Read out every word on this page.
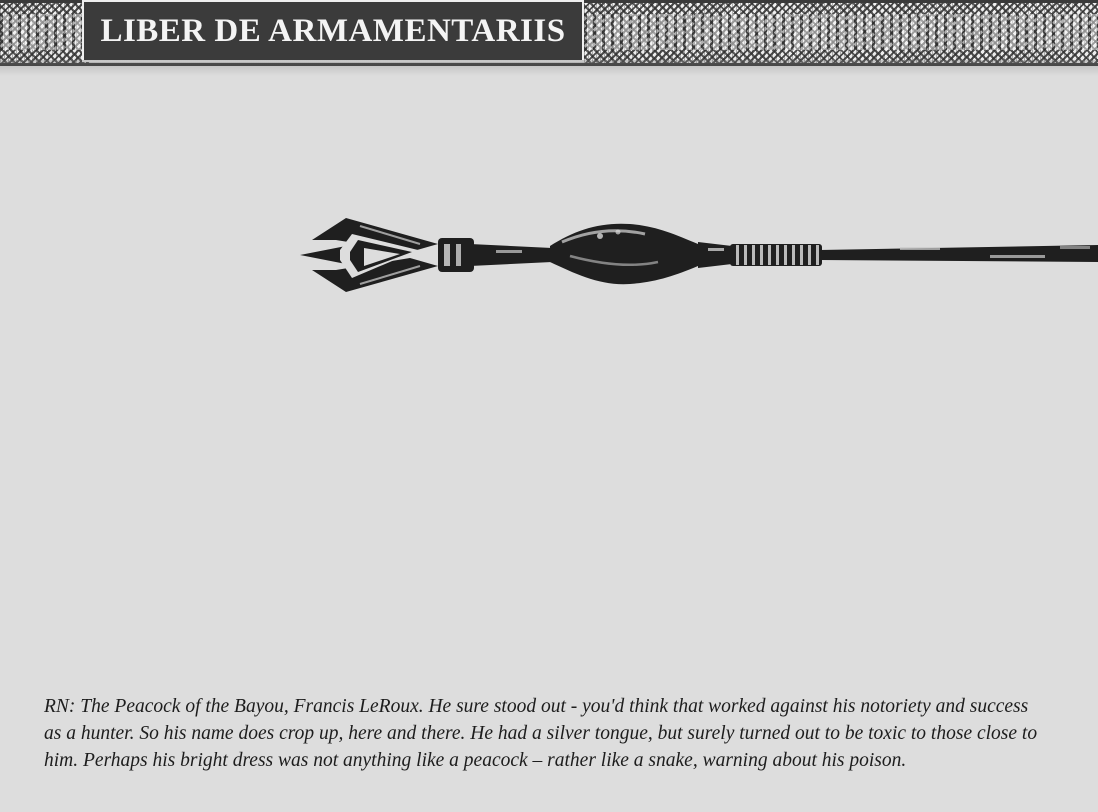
LIBER DE ARMAMENTARIIS
RN: The Peacock of the Bayou, Francis LeRoux. He sure stood out - you'd think that worked against his notoriety and success as a hunter. So his name does crop up, here and there. He had a silver tongue, but surely turned out to be toxic to those close to him. Perhaps his bright dress was not anything like a peacock – rather like a snake, warning about his poison.
